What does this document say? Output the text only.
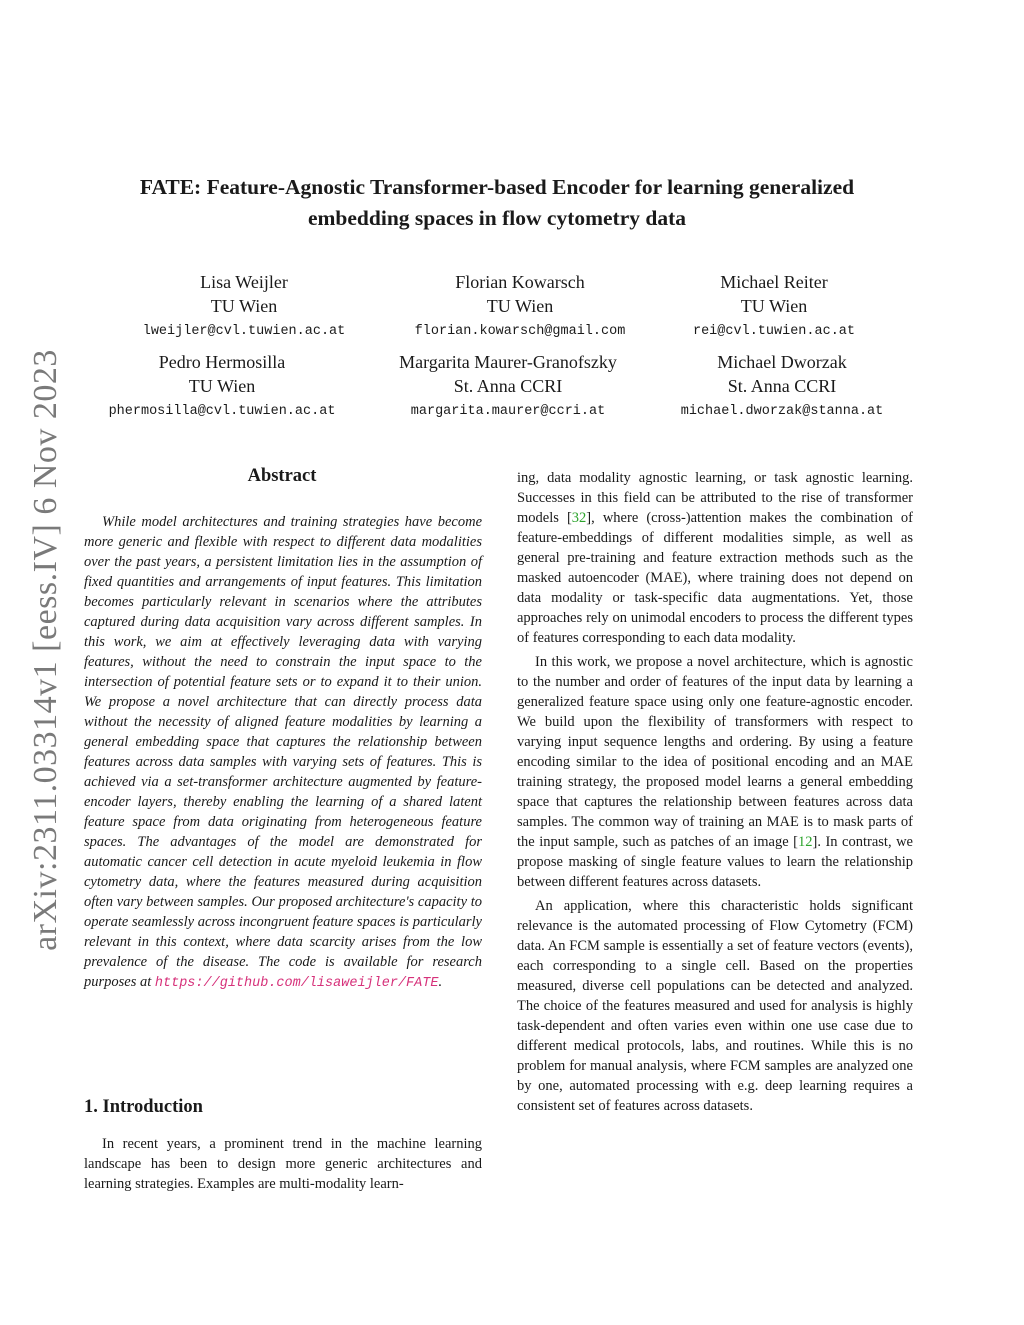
arXiv:2311.03314v1 [eess.IV] 6 Nov 2023
FATE: Feature-Agnostic Transformer-based Encoder for learning generalized
embedding spaces in flow cytometry data
Lisa Weijler
TU Wien
lweijler@cvl.tuwien.ac.at
Florian Kowarsch
TU Wien
florian.kowarsch@gmail.com
Michael Reiter
TU Wien
rei@cvl.tuwien.ac.at
Pedro Hermosilla
TU Wien
phermosilla@cvl.tuwien.ac.at
Margarita Maurer-Granofszky
St. Anna CCRI
margarita.maurer@ccri.at
Michael Dworzak
St. Anna CCRI
michael.dworzak@stanna.at
Abstract
While model architectures and training strategies have become more generic and flexible with respect to different data modalities over the past years, a persistent limitation lies in the assumption of fixed quantities and arrangements of input features. This limitation becomes particularly relevant in scenarios where the attributes captured during data acquisition vary across different samples. In this work, we aim at effectively leveraging data with varying features, without the need to constrain the input space to the intersection of potential feature sets or to expand it to their union. We propose a novel architecture that can directly process data without the necessity of aligned feature modalities by learning a general embedding space that captures the relationship between features across data samples with varying sets of features. This is achieved via a set-transformer architecture augmented by feature-encoder layers, thereby enabling the learning of a shared latent feature space from data originating from heterogeneous feature spaces. The advantages of the model are demonstrated for automatic cancer cell detection in acute myeloid leukemia in flow cytometry data, where the features measured during acquisition often vary between samples. Our proposed architecture's capacity to operate seamlessly across incongruent feature spaces is particularly relevant in this context, where data scarcity arises from the low prevalence of the disease. The code is available for research purposes at https://github.com/lisaweijler/FATE.
1. Introduction

In recent years, a prominent trend in the machine learning landscape has been to design more generic architectures and learning strategies. Examples are multi-modality learn-

ing, data modality agnostic learning, or task agnostic learning. Successes in this field can be attributed to the rise of transformer models [32], where (cross-)attention makes the combination of feature-embeddings of different modalities simple, as well as general pre-training and feature extraction methods such as the masked autoencoder (MAE), where training does not depend on data modality or task-specific data augmentations. Yet, those approaches rely on unimodal encoders to process the different types of features corresponding to each data modality.

In this work, we propose a novel architecture, which is agnostic to the number and order of features of the input data by learning a generalized feature space using only one feature-agnostic encoder. We build upon the flexibility of transformers with respect to varying input sequence lengths and ordering. By using a feature encoding similar to the idea of positional encoding and an MAE training strategy, the proposed model learns a general embedding space that captures the relationship between features across data samples. The common way of training an MAE is to mask parts of the input sample, such as patches of an image [12]. In contrast, we propose masking of single feature values to learn the relationship between different features across datasets.

An application, where this characteristic holds significant relevance is the automated processing of Flow Cytometry (FCM) data. An FCM sample is essentially a set of feature vectors (events), each corresponding to a single cell. Based on the properties measured, diverse cell populations can be detected and analyzed. The choice of the features measured and used for analysis is highly task-dependent and often varies even within one use case due to different medical protocols, labs, and routines. While this is no problem for manual analysis, where FCM samples are analyzed one by one, automated processing with e.g. deep learning requires a consistent set of features across datasets.
